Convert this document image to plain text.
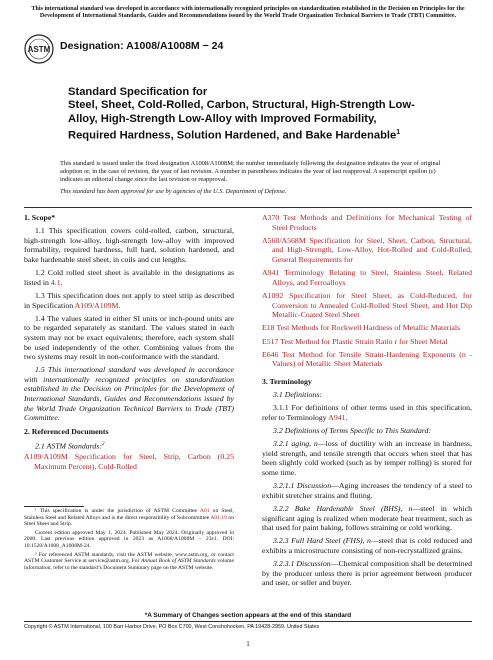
This international standard was developed in accordance with internationally recognized principles on standardization established in the Decision on Principles for the Development of International Standards, Guides and Recommendations issued by the World Trade Organization Technical Barriers to Trade (TBT) Committee.
ASTM Designation: A1008/A1008M − 24
Standard Specification for
Steel, Sheet, Cold-Rolled, Carbon, Structural, High-Strength Low-Alloy, High-Strength Low-Alloy with Improved Formability, Required Hardness, Solution Hardened, and Bake Hardenable$^1$
This standard is issued under the fixed designation A1008/A1008M; the number immediately following the designation indicates the year of original adoption or, in the case of revision, the year of last revision. A number in parentheses indicates the year of last reapproval. A superscript epsilon (ε) indicates an editorial change since the last revision or reapproval.
This standard has been approved for use by agencies of the U.S. Department of Defense.

1. Scope*

1.1 This specification covers cold-rolled, carbon, structural, high-strength low-alloy, high-strength low-alloy with improved formability, required hardness, full hard, solution hardened, and bake hardenable steel sheet, in coils and cut lengths.

1.2 Cold rolled steel sheet is available in the designations as listed in 4.1.

1.3 This specification does not apply to steel strip as described in Specification A109/A109M.

1.4 The values stated in either SI units or inch-pound units are to be regarded separately as standard. The values stated in each system may not be exact equivalents; therefore, each system shall be used independently of the other. Combining values from the two systems may result in non-conformance with the standard.

1.5 This international standard was developed in accordance with internationally recognized principles on standardization established in the Decision on Principles for the Development of International Standards, Guides and Recommendations issued by the World Trade Organization Technical Barriers to Trade (TBT) Committee.

2. Referenced Documents

2.1 ASTM Standards:$^2$

A109/A109M Specification for Steel, Strip, Carbon (0.25 Maximum Percent), Cold-Rolled

¹ This specification is under the jurisdiction of ASTM Committee A01 on Steel, Stainless Steel and Related Alloys and is the direct responsibility of Subcommittee A01.19 on Steel Sheet and Strip.

Current edition approved May 1, 2024. Published May 2024. Originally approved in 2000. Last previous edition approved in 2023 as A1008/A1008M – 23ε1. DOI: 10.1520/A1008_A1008M-24.

² For referenced ASTM standards, visit the ASTM website, www.astm.org, or contact ASTM Customer Service at service@astm.org. For Annual Book of ASTM Standards volume information, refer to the standard’s Document Summary page on the ASTM website.

A370 Test Methods and Definitions for Mechanical Testing of Steel Products

A568/A568M Specification for Steel, Sheet, Carbon, Structural, and High-Strength, Low-Alloy, Hot-Rolled and Cold-Rolled, General Requirements for

A941 Terminology Relating to Steel, Stainless Steel, Related Alloys, and Ferroalloys

A1092 Specification for Steel Sheet, as Cold-Reduced, for Conversion to Annealed Cold-Rolled Steel Sheet, and Hot Dip Metallic-Coated Steel Sheet

E18 Test Methods for Rockwell Hardness of Metallic Materials

E517 Test Method for Plastic Strain Ratio r for Sheet Metal

E646 Test Method for Tensile Strain-Hardening Exponents (n -Values) of Metallic Sheet Materials

3. Terminology

3.1 Definitions:

3.1.1 For definitions of other terms used in this specification, refer to Terminology A941.

3.2 Definitions of Terms Specific to This Standard:

3.2.1 aging, n—loss of ductility with an increase in hardness, yield strength, and tensile strength that occurs when steel that has been slightly cold worked (such as by temper rolling) is stored for some time.

3.2.1.1 Discussion—Aging increases the tendency of a steel to exhibit stretcher strains and fluting.

3.2.2 Bake Hardenable Steel (BHS), n—steel in which significant aging is realized when moderate heat treatment, such as that used for paint baking, follows straining or cold working.

3.2.3 Full Hard Steel (FHS), n—steel that is cold reduced and exhibits a microstructure consisting of non-recrystallized grains.

3.2.3.1 Discussion—Chemical composition shall be determined by the producer unless there is prior agreement between producer and user, or seller and buyer.

*A Summary of Changes section appears at the end of this standard
Copyright © ASTM International, 100 Barr Harbor Drive, PO Box C700, West Conshohocken, PA 19428-2959. United States
1
